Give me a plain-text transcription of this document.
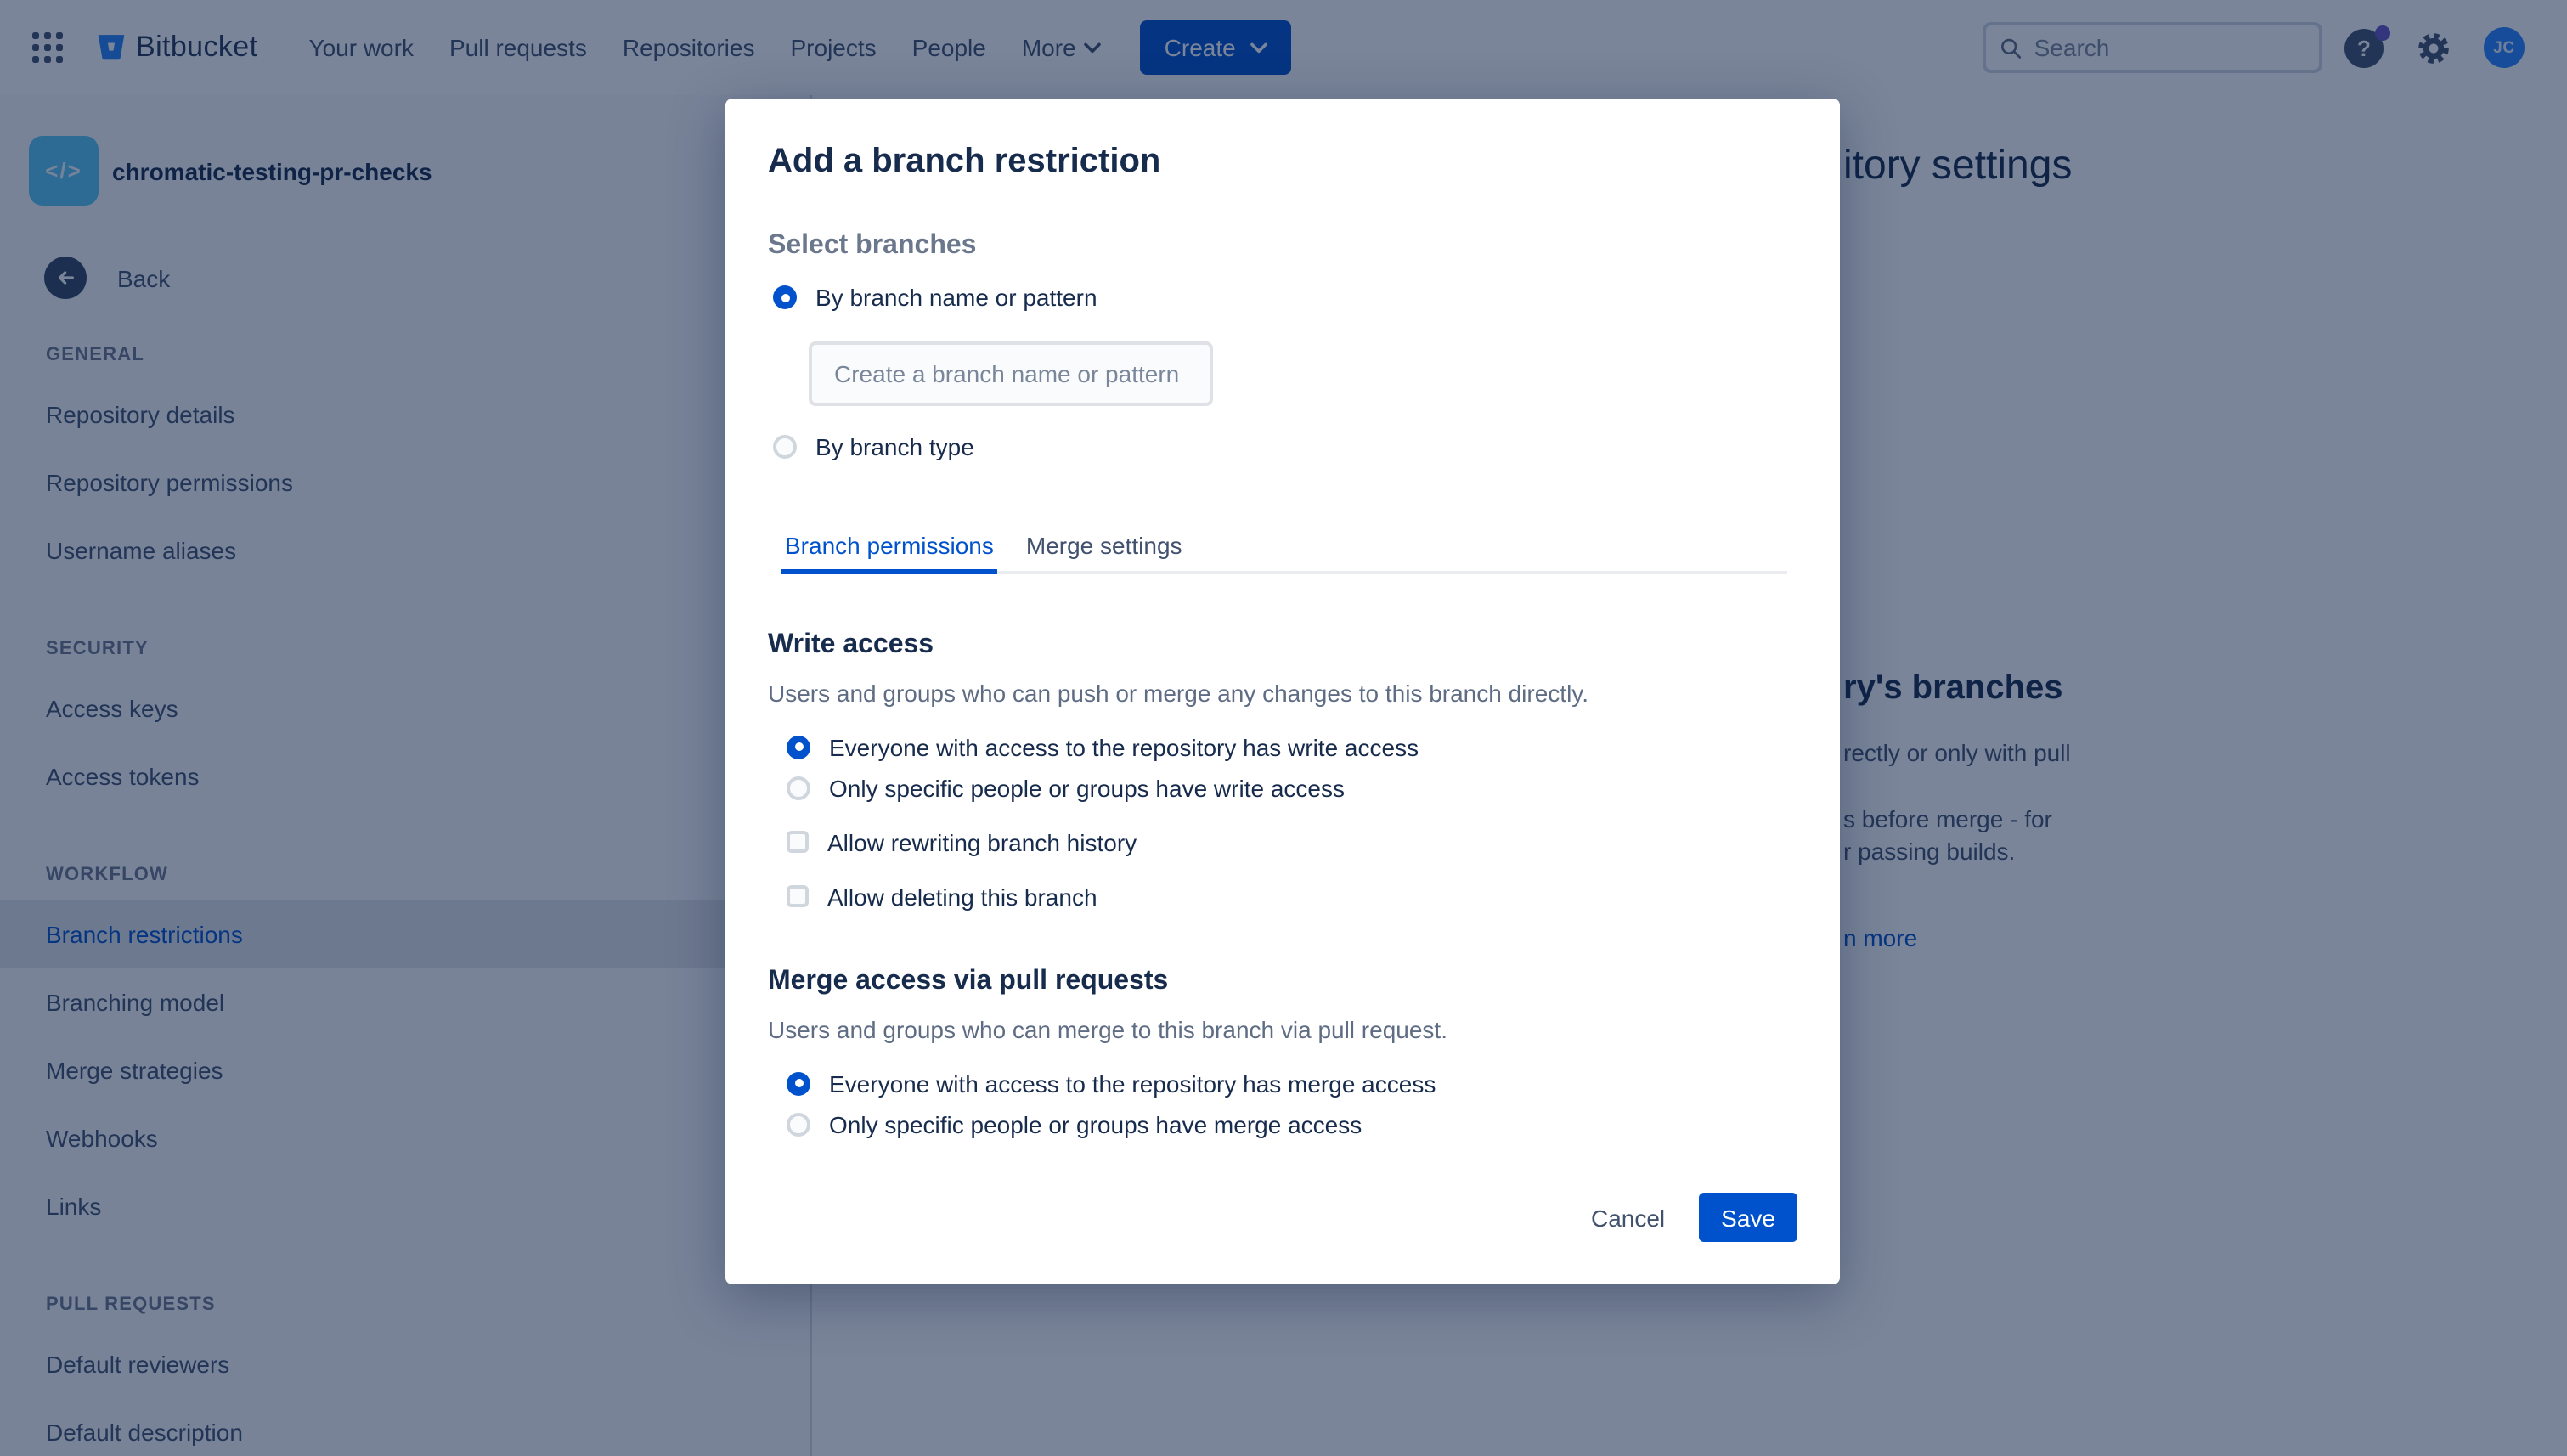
Search
Add a branch restriction
Select branches
By branch name or pattern
Create a branch name or pattern
By branch type
Branch permissions	Merge settings
Write access
Users and groups who can push or merge any changes to this branch directly.
Everyone with access to the repository has write access
Only specific people or groups have write access
Allow rewriting branch history
Allow deleting this branch
Merge access via pull requests
Users and groups who can merge to this branch via pull request.
Everyone with access to the repository has merge access
Only specific people or groups have merge access
Cancel	Save
